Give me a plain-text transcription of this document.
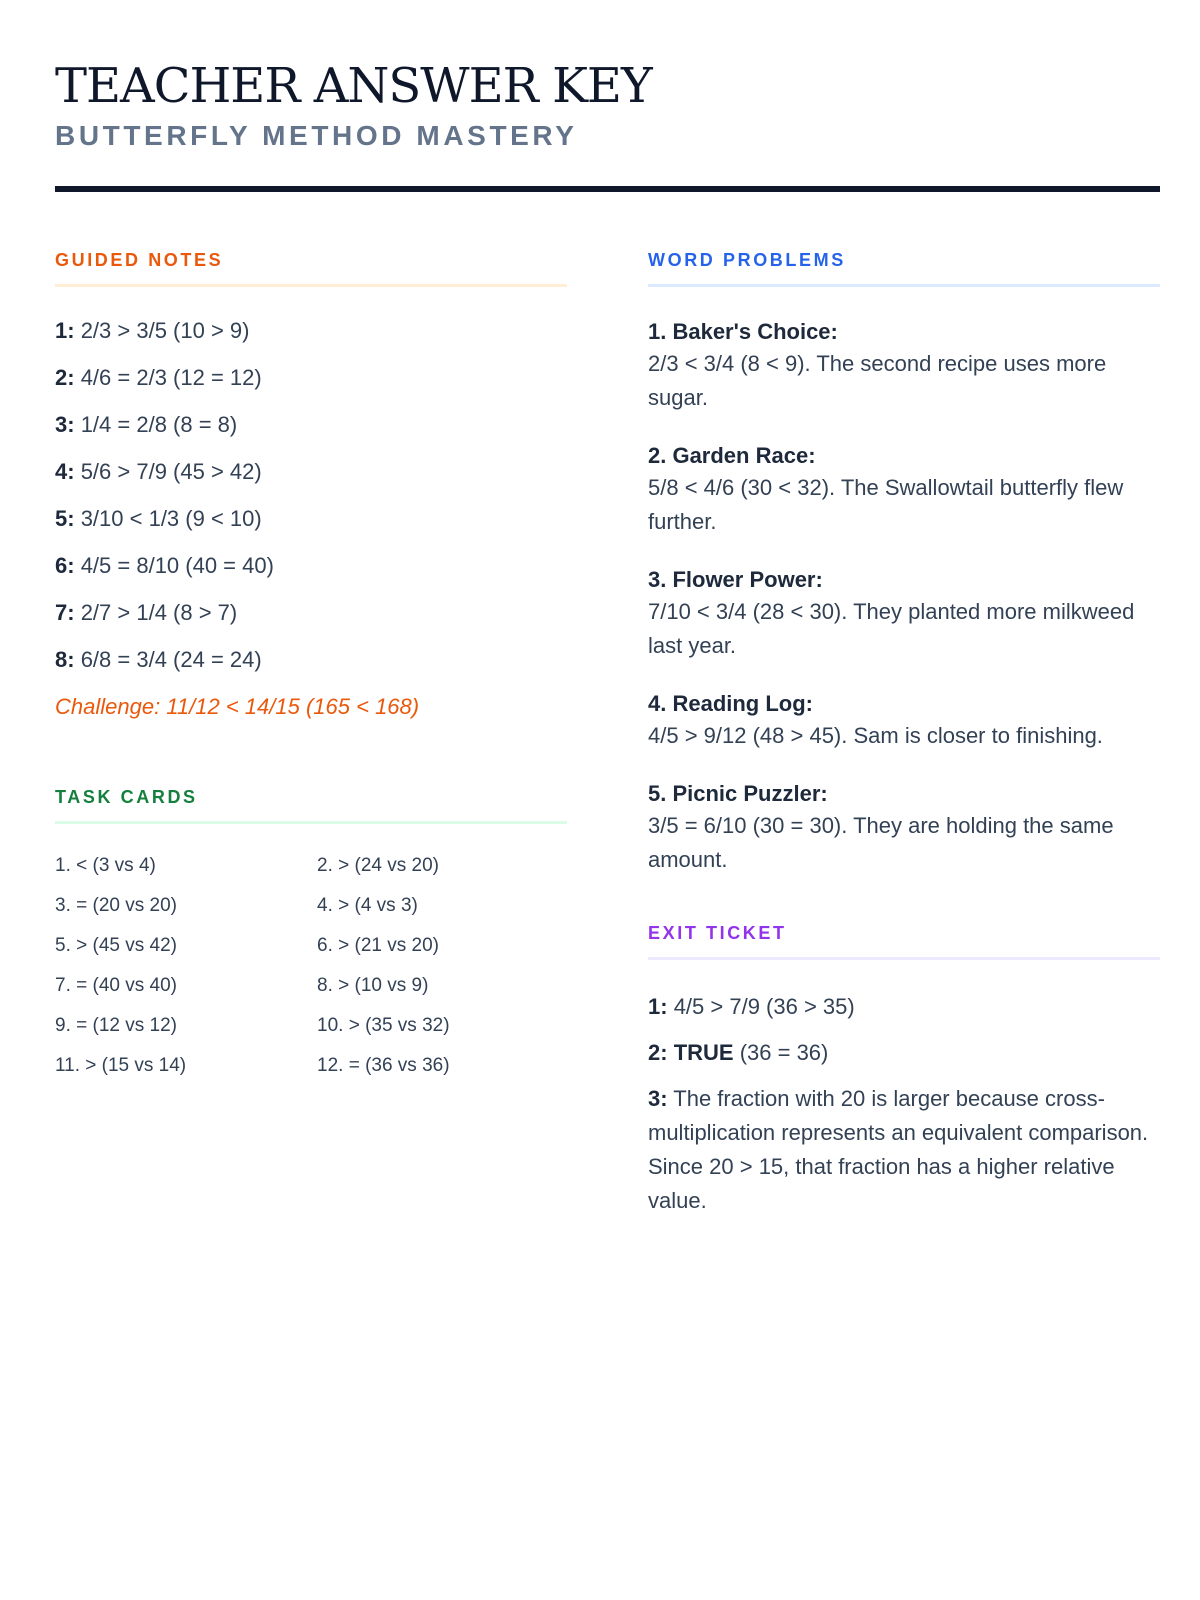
TEACHER ANSWER KEY
BUTTERFLY METHOD MASTERY
GUIDED NOTES
1: 2/3 > 3/5 (10 > 9)
2: 4/6 = 2/3 (12 = 12)
3: 1/4 = 2/8 (8 = 8)
4: 5/6 > 7/9 (45 > 42)
5: 3/10 < 1/3 (9 < 10)
6: 4/5 = 8/10 (40 = 40)
7: 2/7 > 1/4 (8 > 7)
8: 6/8 = 3/4 (24 = 24)
Challenge: 11/12 < 14/15 (165 < 168)
TASK CARDS
1. < (3 vs 4)	2. > (24 vs 20)
3. = (20 vs 20)	4. > (4 vs 3)
5. > (45 vs 42)	6. > (21 vs 20)
7. = (40 vs 40)	8. > (10 vs 9)
9. = (12 vs 12)	10. > (35 vs 32)
11. > (15 vs 14)	12. = (36 vs 36)
WORD PROBLEMS
1. Baker's Choice:
2/3 < 3/4 (8 < 9). The second recipe uses more sugar.
2. Garden Race:
5/8 < 4/6 (30 < 32). The Swallowtail butterfly flew further.
3. Flower Power:
7/10 < 3/4 (28 < 30). They planted more milkweed last year.
4. Reading Log:
4/5 > 9/12 (48 > 45). Sam is closer to finishing.
5. Picnic Puzzler:
3/5 = 6/10 (30 = 30). They are holding the same amount.
EXIT TICKET
1: 4/5 > 7/9 (36 > 35)
2: TRUE (36 = 36)
3: The fraction with 20 is larger because cross-multiplication represents an equivalent comparison. Since 20 > 15, that fraction has a higher relative value.
